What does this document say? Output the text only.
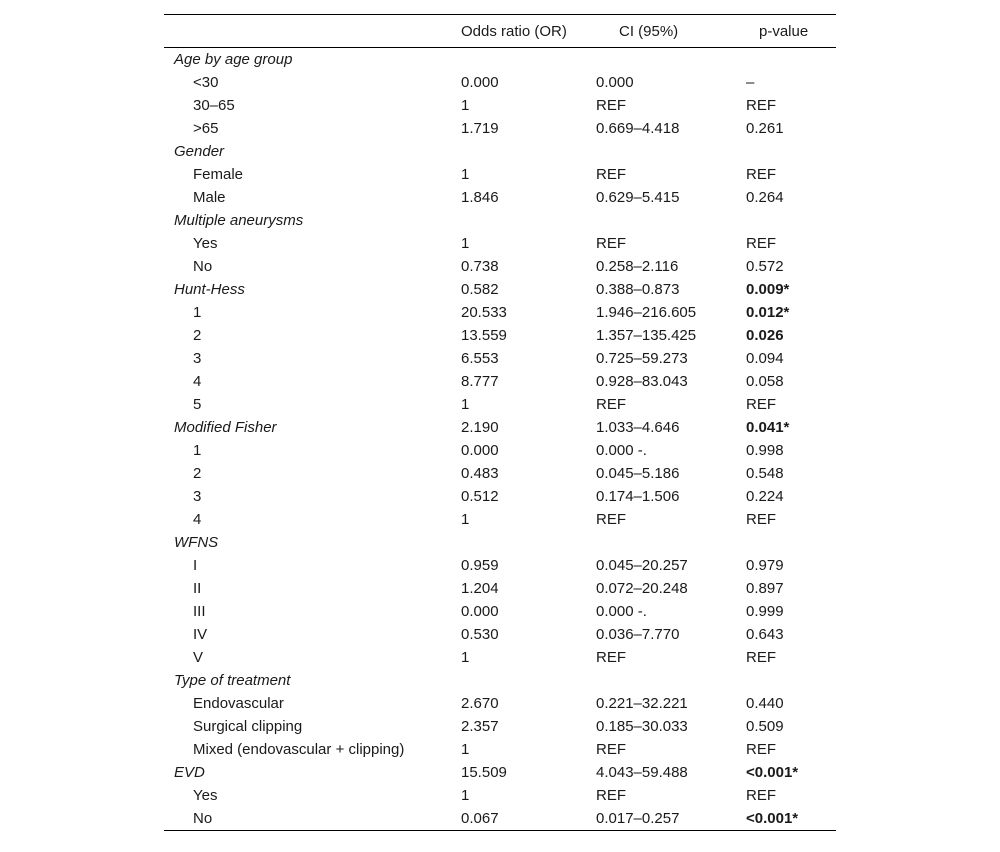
	Odds ratio (OR)	CI (95%)	p-value
Age by age group			
<30	0.000	0.000	–
30–65	1	REF	REF
>65	1.719	0.669–4.418	0.261
Gender			
Female	1	REF	REF
Male	1.846	0.629–5.415	0.264
Multiple aneurysms			
Yes	1	REF	REF
No	0.738	0.258–2.116	0.572
Hunt-Hess	0.582	0.388–0.873	0.009*
1	20.533	1.946–216.605	0.012*
2	13.559	1.357–135.425	0.026
3	6.553	0.725–59.273	0.094
4	8.777	0.928–83.043	0.058
5	1	REF	REF
Modified Fisher	2.190	1.033–4.646	0.041*
1	0.000	0.000 -.	0.998
2	0.483	0.045–5.186	0.548
3	0.512	0.174–1.506	0.224
4	1	REF	REF
WFNS			
I	0.959	0.045–20.257	0.979
II	1.204	0.072–20.248	0.897
III	0.000	0.000 -.	0.999
IV	0.530	0.036–7.770	0.643
V	1	REF	REF
Type of treatment			
Endovascular	2.670	0.221–32.221	0.440
Surgical clipping	2.357	0.185–30.033	0.509
Mixed (endovascular + clipping)	1	REF	REF
EVD	15.509	4.043–59.488	<0.001*
Yes	1	REF	REF
No	0.067	0.017–0.257	<0.001*
